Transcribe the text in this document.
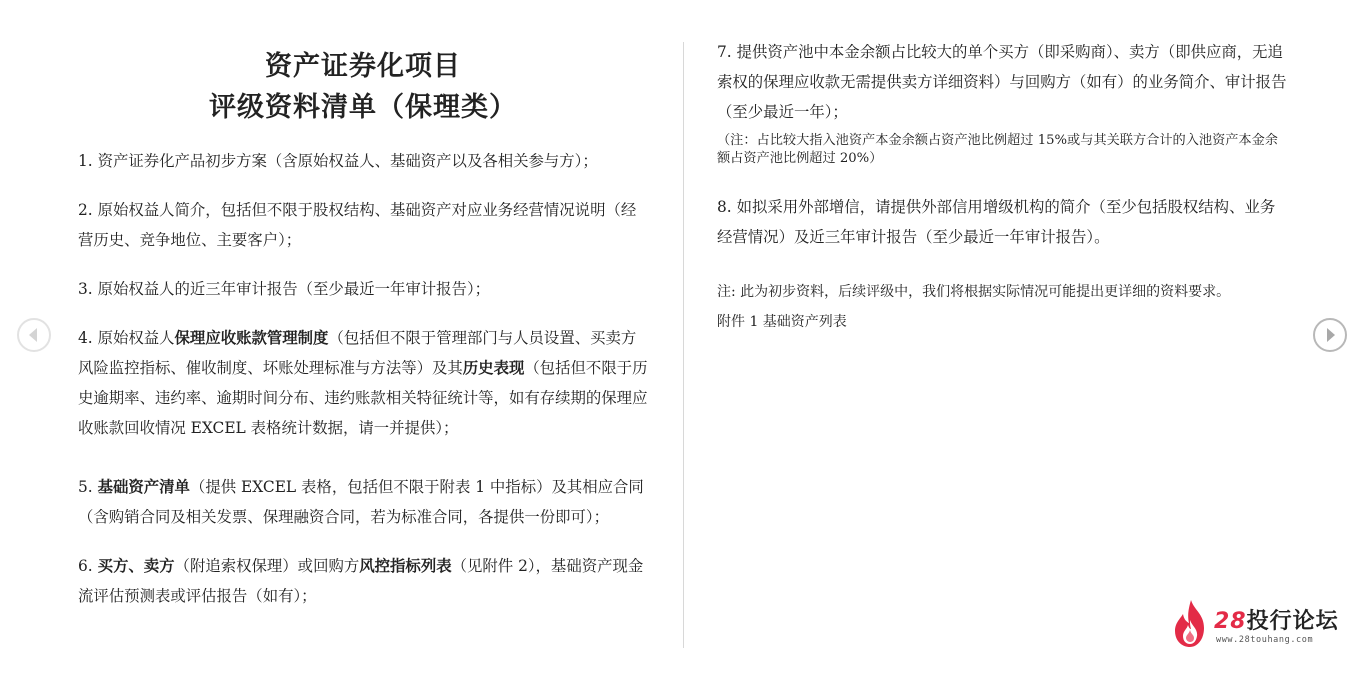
资产证券化项目
评级资料清单（保理类）
1. 资产证券化产品初步方案（含原始权益人、基础资产以及各相关参与方）；
2. 原始权益人简介，包括但不限于股权结构、基础资产对应业务经营情况说明（经营历史、竞争地位、主要客户）；
3. 原始权益人的近三年审计报告（至少最近一年审计报告）；
4. 原始权益人保理应收账款管理制度（包括但不限于管理部门与人员设置、买卖方风险监控指标、催收制度、坏账处理标准与方法等）及其历史表现（包括但不限于历史逾期率、违约率、逾期时间分布、违约账款相关特征统计等，如有存续期的保理应收账款回收情况 EXCEL 表格统计数据，请一并提供）；
5. 基础资产清单（提供 EXCEL 表格，包括但不限于附表 1 中指标）及其相应合同（含购销合同及相关发票、保理融资合同，若为标准合同，各提供一份即可）；
6. 买方、卖方（附追索权保理）或回购方风控指标列表（见附件 2），基础资产现金流评估预测表或评估报告（如有）；
7. 提供资产池中本金余额占比较大的单个买方（即采购商）、卖方（即供应商，无追索权的保理应收款无需提供卖方详细资料）与回购方（如有）的业务简介、审计报告（至少最近一年）；
（注：占比较大指入池资产本金余额占资产池比例超过 15%或与其关联方合计的入池资产本金余额占资产池比例超过 20%）
8. 如拟采用外部增信，请提供外部信用增级机构的简介（至少包括股权结构、业务经营情况）及近三年审计报告（至少最近一年审计报告）。
注: 此为初步资料，后续评级中，我们将根据实际情况可能提出更详细的资料要求。
附件 1 基础资产列表
28投行论坛
www.28touhang.com
